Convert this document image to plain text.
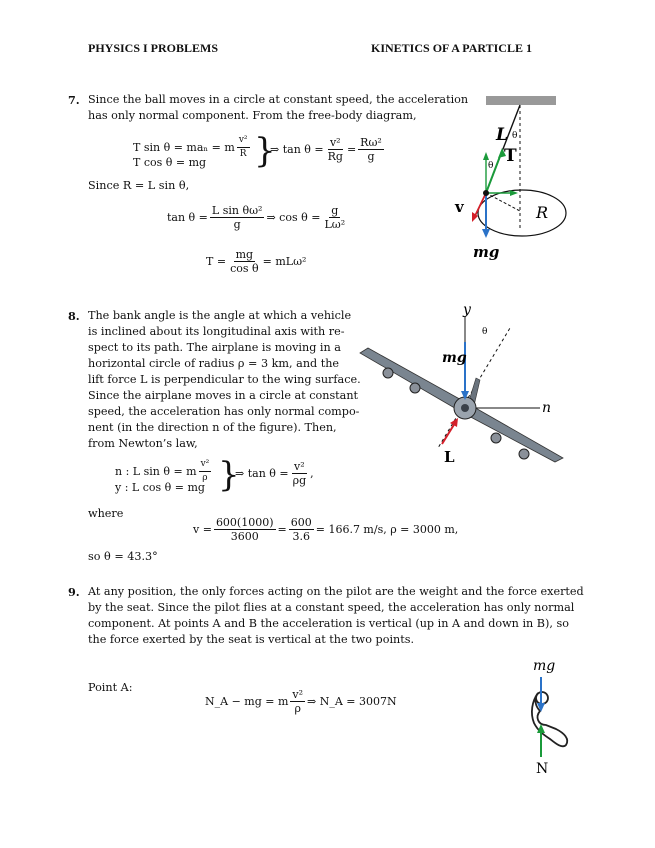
PHYSICS I PROBLEMS	KINETICS OF A PARTICLE 1
7. Since the ball moves in a circle at constant speed, the acceleration
has only normal component. From the free-body diagram,
T sin θ = maₙ = m $\frac{\text{v²}}{R}$
T cos θ = mg }
⇒ $\tan \theta = \frac{\text{v²}}{Rg} = \frac{\text{Rω²}}{g}$
Since R = L sin θ,
$\tan \theta = \frac{\text{L sin θω²}}{g}$ ⇒ $\cos \theta = \frac{g}{\text{Lω²}}$
$T = \frac{mg}{\text{cos θ}} = mL\omega^2$
L θ
θ T
v	R
mg
8. The bank angle is the angle at which a vehicle
is inclined about its longitudinal axis with re-
spect to its path. The airplane is moving in a
horizontal circle of radius ρ = 3 km, and the
lift force L is perpendicular to the wing surface.
Since the airplane moves in a circle at constant
speed, the acceleration has only normal compo-
nent (in the direction n of the figure). Then,
from Newton’s law,
n : L sin θ = m $\frac{\text{v²}}{\rho}$
y : L cos θ = mg }
⇒ $\tan \theta = \frac{\text{v²}}{\rho g}$ ,
where
$v = \frac{600(1000)}{3600} = \frac{600}{3.6} = 166.7$ m/s, ρ = 3000 m,
so θ = 43.3°
y
θ
mg
n
L
9. At any position, the only forces acting on the pilot are the weight and the force exerted
by the seat. Since the pilot flies at a constant speed, the acceleration has only normal
component. At points A and B the acceleration is vertical (up in A and down in B), so
the force exerted by the seat is vertical at the two points.
Point A:
N_A − mg = m $\frac{\text{v²}}{\rho}$ ⇒ N_A = 3007N
mg
N
